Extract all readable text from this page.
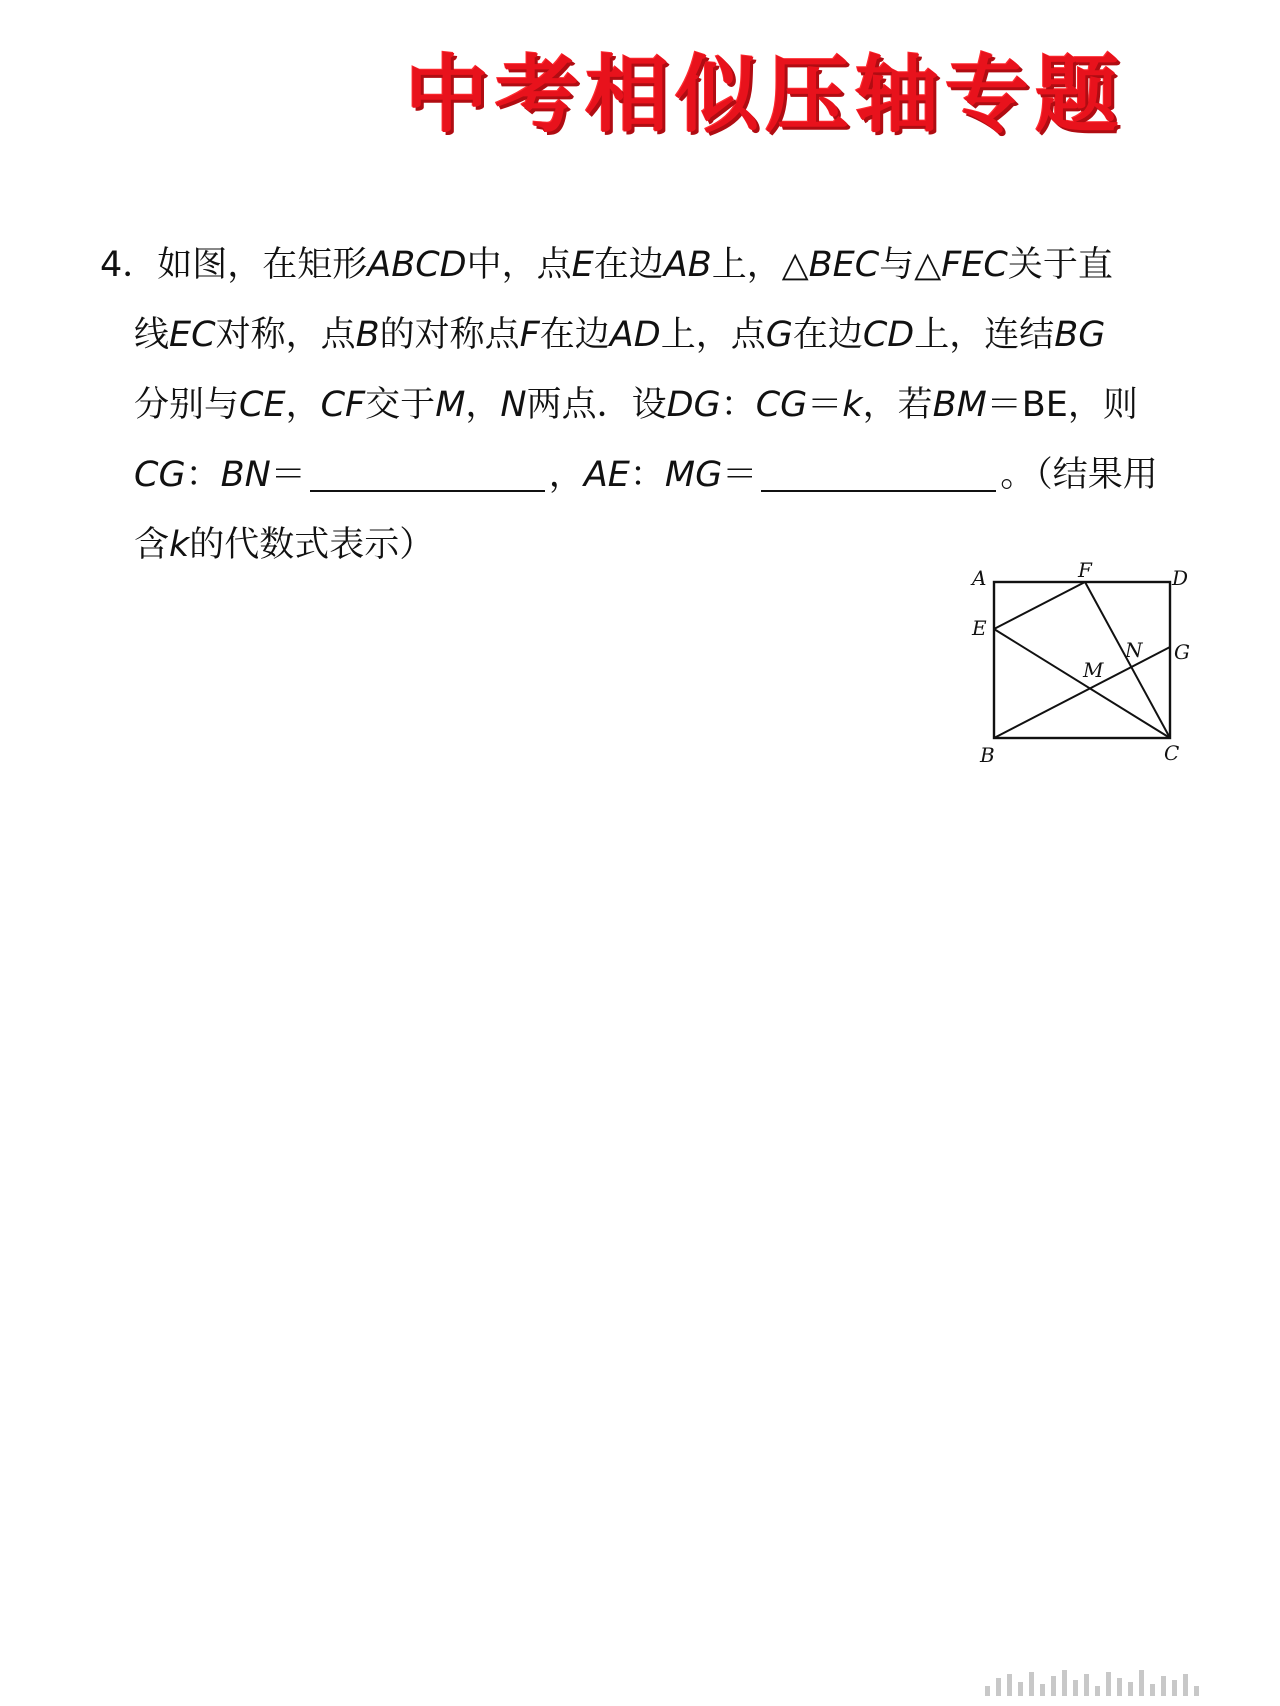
中考相似压轴专题
4．如图，在矩形ABCD中，点E在边AB上，△BEC与△FEC关于直
线EC对称，点B的对称点F在边AD上，点G在边CD上，连结BG
分别与CE，CF交于M，N两点．设DG：CG＝k，若BM＝BE，则
CG：BN＝	，AE：MG＝	。（结果用
含k的代数式表示）
A	F	D
E
N G
M
B	C
